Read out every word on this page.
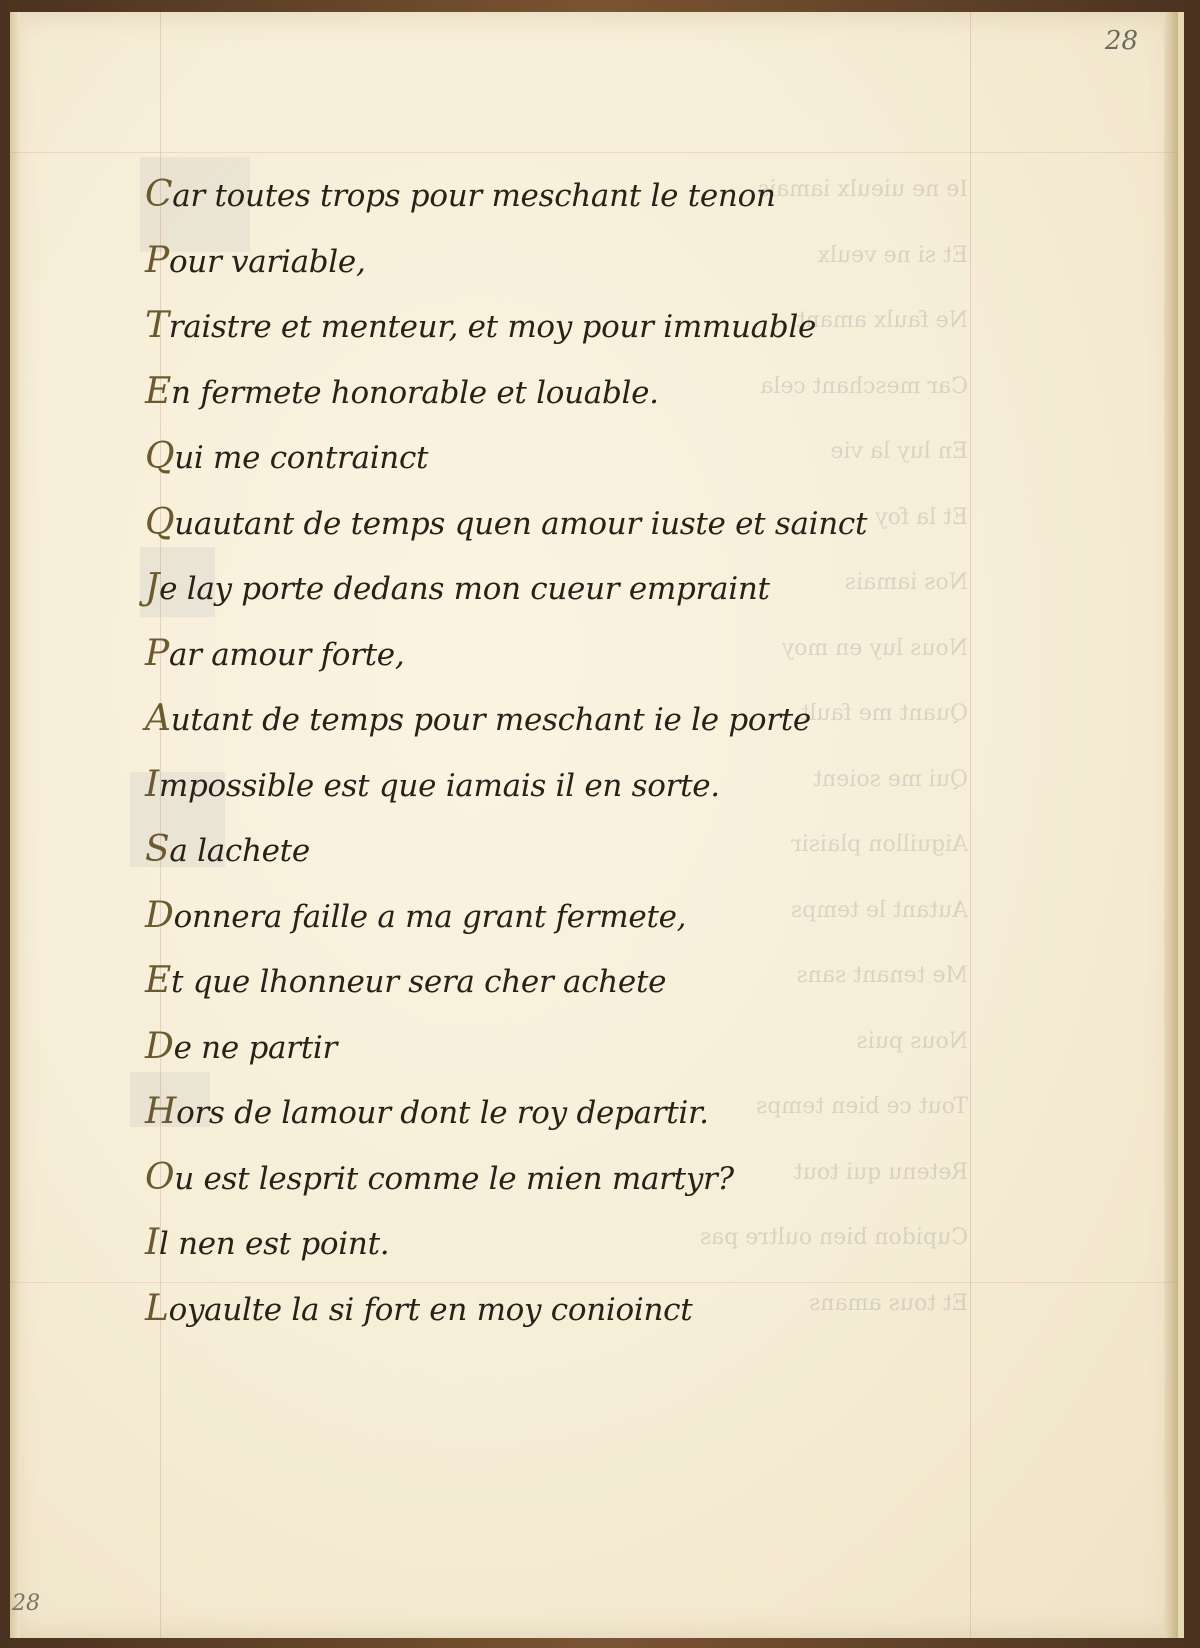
Ie ne uieulx iamais
Et si ne veulx
Ne faulx amant
Car meschant cela
En luy la vie
Et la foy
Nos iamais
Nous luy en moy
Quant me fault
Qui me soient
Aiguillon plaisir
Autant le temps
Me tenant sans
Nous puis
Tout ce bien temps
Retenu qui tout
Cupidon bien oultre pas
Et tous amans
28
28
Car toutes trops pour meschant le tenon
Pour variable,
Traistre et menteur, et moy pour immuable
En fermete honorable et louable.
Qui me contrainct
Quautant de temps quen amour iuste et sainct
Je lay porte dedans mon cueur empraint
Par amour forte,
Autant de temps pour meschant ie le porte
Impossible est que iamais il en sorte.
Sa lachete
Donnera faille a ma grant fermete,
Et que lhonneur sera cher achete
De ne partir
Hors de lamour dont le roy departir.
Ou est lesprit comme le mien martyr?
Il nen est point.
Loyaulte la si fort en moy conioinct
